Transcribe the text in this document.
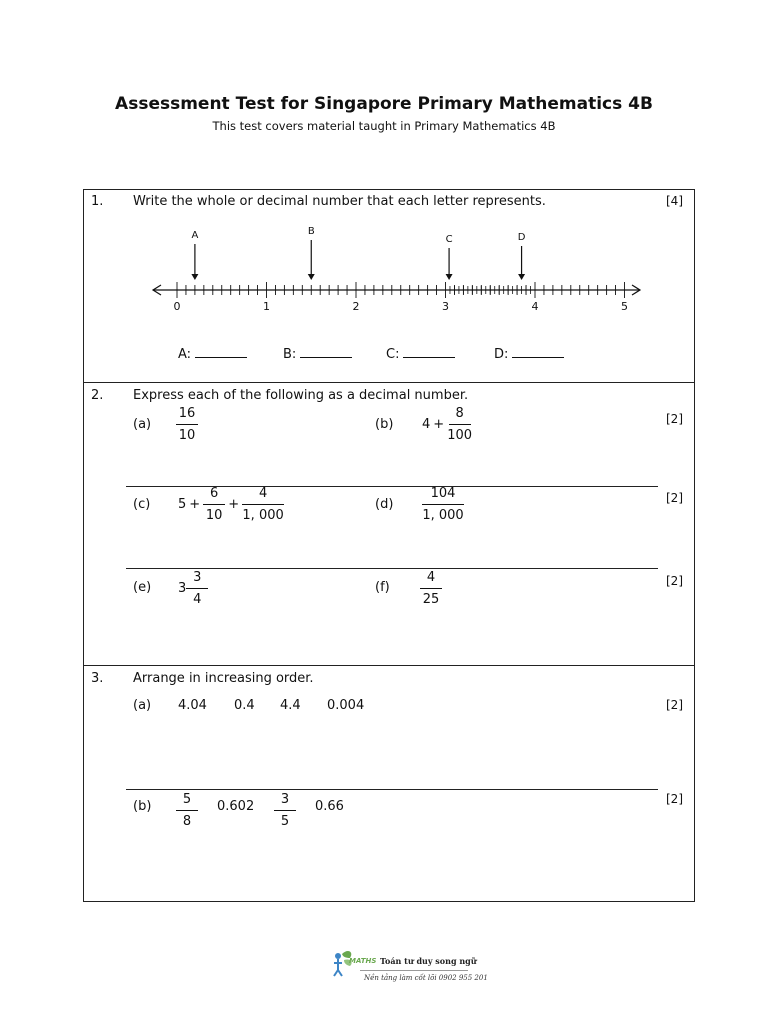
Assessment Test for Singapore Primary Mathematics 4B
This test covers material taught in Primary Mathematics 4B
1. Write the whole or decimal number that each letter represents.	[4]
0	1	2	3	4	5
A	B
C	D
A:	B:	C:	D:
2. Express each of the following as a decimal number.
$(a) \frac{16}{10}$	(b) $4 + \frac{8}{100}$	[2]
(c) $5 + \frac{6}{10} + \frac{4}{1, 000}$	$(d) \frac{104}{1, 000}$	[2]
(e) $3 \frac{3}{4}$	$(f) \frac{4}{25}$	[2]
3. Arrange in increasing order.
(a) 4.04 0.4 4.4 0.004	[2]
$(b) \frac{5}{8} 0.602 \frac{3}{5} 0.66$	[2]
MATHS Toán tư duy song ngữ
Nền tảng làm cốt lõi 0902 955 201
